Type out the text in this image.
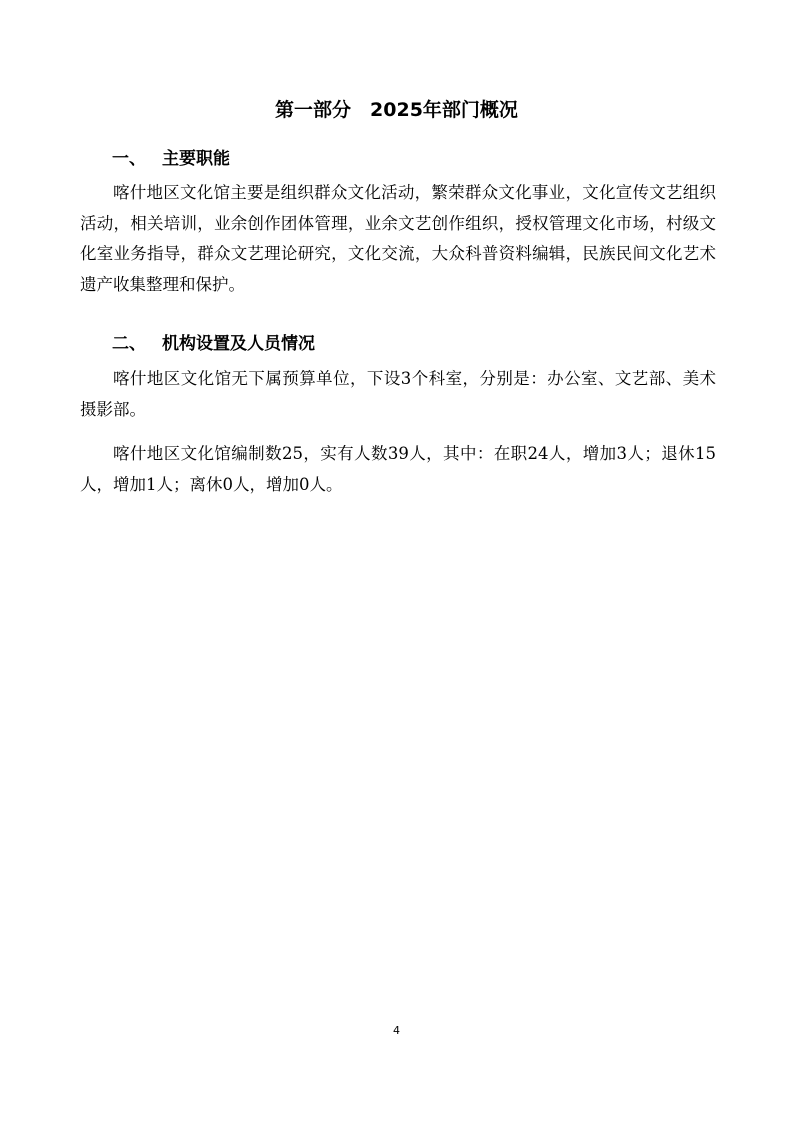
第一部分　2025年部门概况
一、 主要职能

喀什地区文化馆主要是组织群众文化活动，繁荣群众文化事业，文化宣传文艺组织活动，相关培训，业余创作团体管理，业余文艺创作组织，授权管理文化市场，村级文化室业务指导，群众文艺理论研究，文化交流，大众科普资料编辑，民族民间文化艺术遗产收集整理和保护。

二、 机构设置及人员情况

喀什地区文化馆无下属预算单位，下设3个科室，分别是：办公室、文艺部、美术摄影部。

喀什地区文化馆编制数25，实有人数39人，其中：在职24人，增加3人；退休15人，增加1人；离休0人，增加0人。

4
